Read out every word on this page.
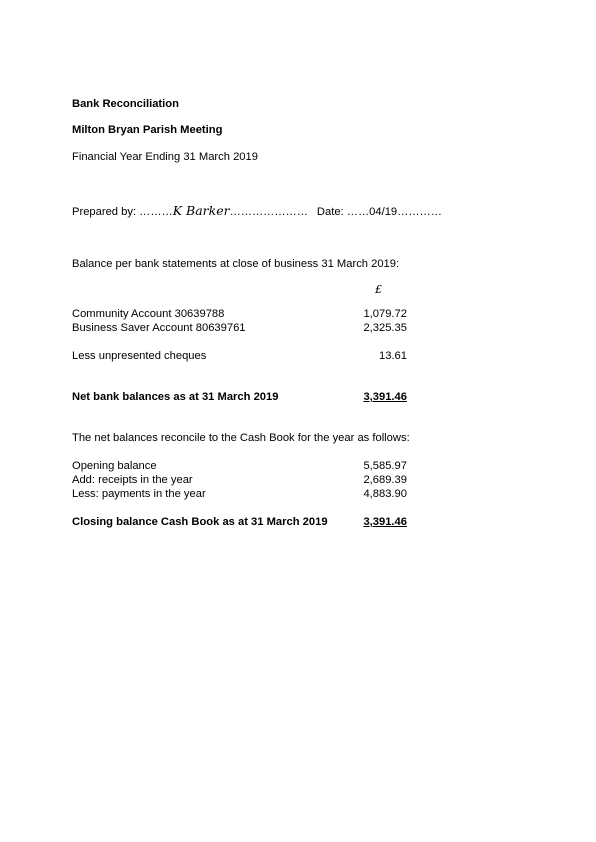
Bank Reconciliation
Milton Bryan Parish Meeting
Financial Year Ending 31 March 2019
Prepared by: ………K Barker………………… Date: ……04/19…………
Balance per bank statements at close of business 31 March 2019:
£
Community Account 30639788	1,079.72
Business Saver Account 80639761	2,325.35
Less unpresented cheques	13.61
Net bank balances as at 31 March 2019	3,391.46
The net balances reconcile to the Cash Book for the year as follows:
Opening balance	5,585.97
Add: receipts in the year	2,689.39
Less: payments in the year	4,883.90
Closing balance Cash Book as at 31 March 2019	3,391.46
